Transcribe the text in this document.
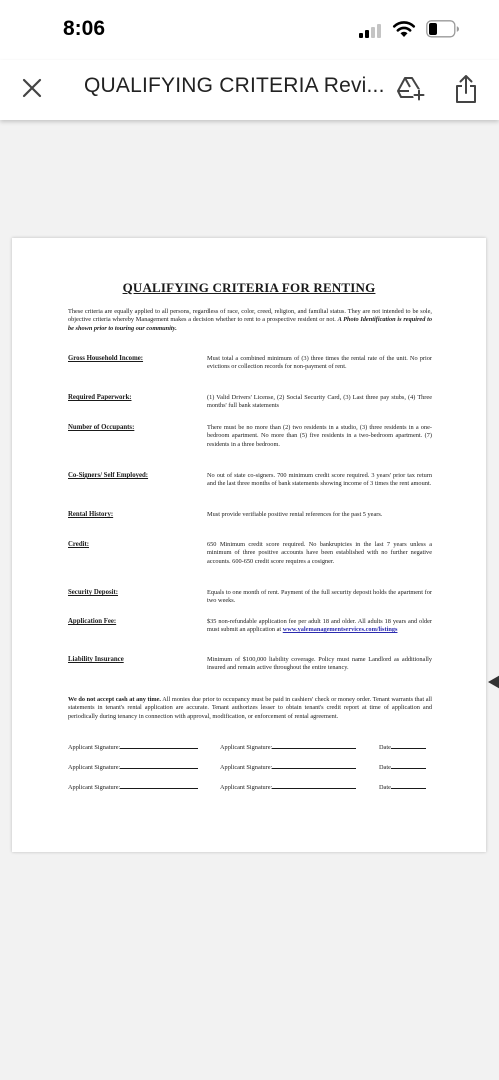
8:06
QUALIFYING CRITERIA Revi...
QUALIFYING CRITERIA FOR RENTING
These criteria are equally applied to all persons, regardless of race, color, creed, religion, and familial status. They are not intended to be sole, objective criteria whereby Management makes a decision whether to rent to a prospective resident or not. A Photo Identification is required to be shown prior to touring our community.
Gross Household Income:	Must total a combined minimum of (3) three times the rental rate of the unit. No prior evictions or collection records for non-payment of rent.
Required Paperwork:	(1) Valid Drivers' License, (2) Social Security Card, (3) Last three pay stubs, (4) Three months' full bank statements
Number of Occupants:	There must be no more than (2) two residents in a studio, (3) three residents in a one-bedroom apartment. No more than (5) five residents in a two-bedroom apartment. (7) residents in a three bedroom.
Co-Signers/ Self Employed:	No out of state co-signers. 700 minimum credit score required. 3 years' prior tax return and the last three months of bank statements showing income of 3 times the rent amount.
Rental History:	Must provide verifiable positive rental references for the past 5 years.
Credit:	650 Minimum credit score required. No bankruptcies in the last 7 years unless a minimum of three positive accounts have been established with no further negative accounts. 600-650 credit score requires a cosigner.
Security Deposit:	Equals to one month of rent. Payment of the full security deposit holds the apartment for two weeks.
Application Fee:	$35 non-refundable application fee per adult 18 and older. All adults 18 years and older must submit an application at www.yalemanagementservices.com/listings
Liability Insurance	Minimum of $100,000 liability coverage. Policy must name Landlord as additionally insured and remain active throughout the entire tenancy.
We do not accept cash at any time. All monies due prior to occupancy must be paid in cashiers' check or money order. Tenant warrants that all statements in tenant's rental application are accurate. Tenant authorizes lesser to obtain tenant's credit report at time of application and periodically during tenancy in connection with approval, modification, or enforcement of rental agreement.
Applicant Signature:	Applicant Signature:	Date
Applicant Signature:	Applicant Signature:	Date
Applicant Signature:	Applicant Signature:	Date
